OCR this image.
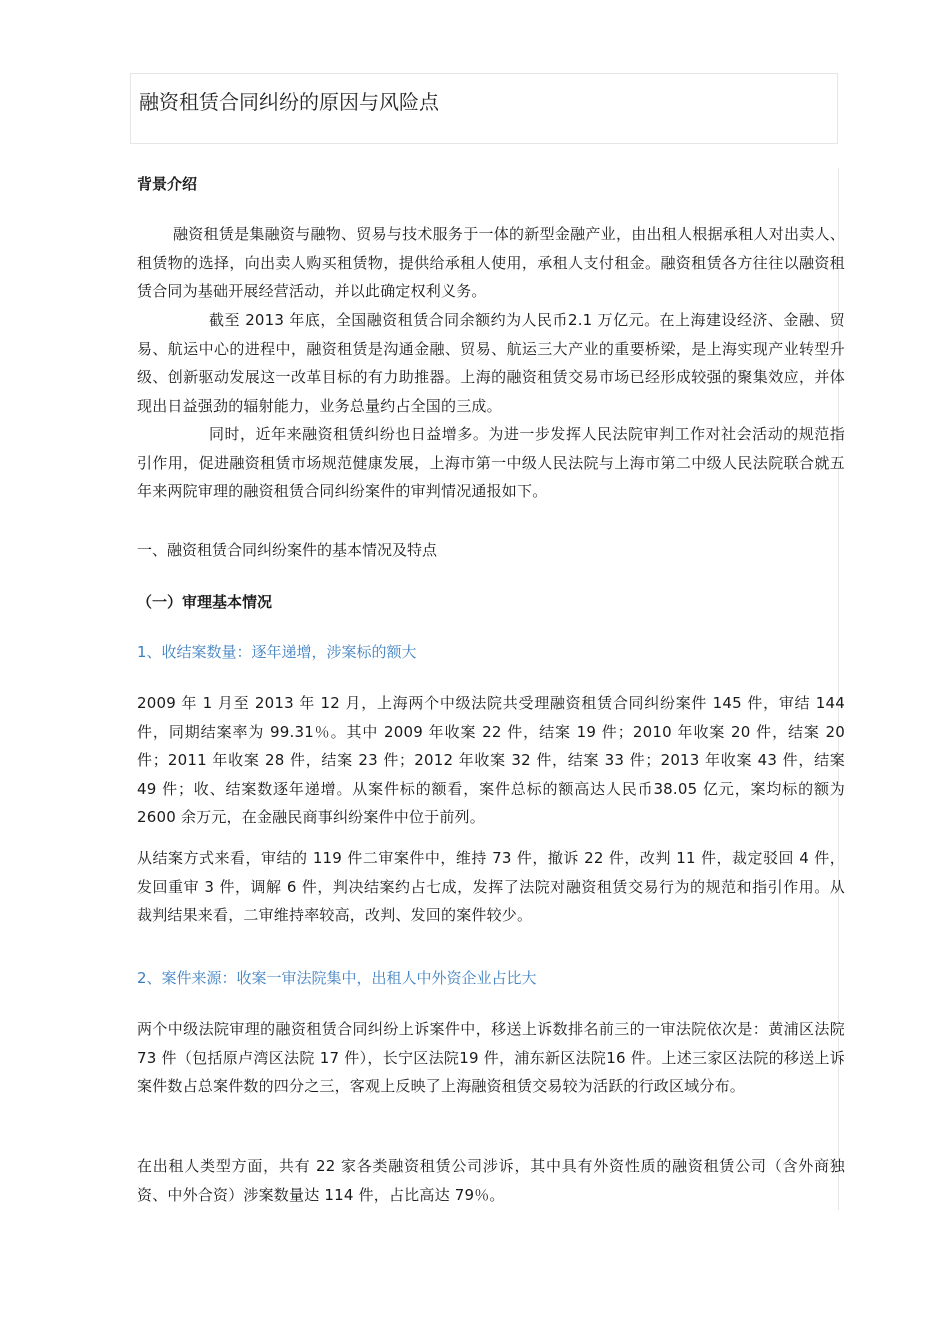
融资租赁合同纠纷的原因与风险点
背景介绍
融资租赁是集融资与融物、贸易与技术服务于一体的新型金融产业，由出租人根据承租人对出卖人、租赁物的选择，向出卖人购买租赁物，提供给承租人使用，承租人支付租金。融资租赁各方往往以融资租赁合同为基础开展经营活动，并以此确定权利义务。
截至 2013 年底，全国融资租赁合同余额约为人民币2.1 万亿元。在上海建设经济、金融、贸易、航运中心的进程中，融资租赁是沟通金融、贸易、航运三大产业的重要桥梁，是上海实现产业转型升级、创新驱动发展这一改革目标的有力助推器。上海的融资租赁交易市场已经形成较强的聚集效应，并体现出日益强劲的辐射能力，业务总量约占全国的三成。
同时，近年来融资租赁纠纷也日益增多。为进一步发挥人民法院审判工作对社会活动的规范指引作用，促进融资租赁市场规范健康发展，上海市第一中级人民法院与上海市第二中级人民法院联合就五年来两院审理的融资租赁合同纠纷案件的审判情况通报如下。
一、融资租赁合同纠纷案件的基本情况及特点
（一）审理基本情况
1、收结案数量：逐年递增，涉案标的额大
2009 年 1 月至 2013 年 12 月，上海两个中级法院共受理融资租赁合同纠纷案件 145 件，审结 144 件，同期结案率为 99.31％。其中 2009 年收案 22 件，结案 19 件；2010 年收案 20 件，结案 20 件；2011 年收案 28 件，结案 23 件；2012 年收案 32 件，结案 33 件；2013 年收案 43 件，结案 49 件；收、结案数逐年递增。从案件标的额看，案件总标的额高达人民币38.05 亿元，案均标的额为 2600 余万元，在金融民商事纠纷案件中位于前列。
从结案方式来看，审结的 119 件二审案件中，维持 73 件，撤诉 22 件，改判 11 件，裁定驳回 4 件，发回重审 3 件，调解 6 件，判决结案约占七成，发挥了法院对融资租赁交易行为的规范和指引作用。从裁判结果来看，二审维持率较高，改判、发回的案件较少。
2、案件来源：收案一审法院集中，出租人中外资企业占比大
两个中级法院审理的融资租赁合同纠纷上诉案件中，移送上诉数排名前三的一审法院依次是：黄浦区法院73 件（包括原卢湾区法院 17 件），长宁区法院19 件，浦东新区法院16 件。上述三家区法院的移送上诉案件数占总案件数的四分之三，客观上反映了上海融资租赁交易较为活跃的行政区域分布。
在出租人类型方面，共有 22 家各类融资租赁公司涉诉，其中具有外资性质的融资租赁公司（含外商独资、中外合资）涉案数量达 114 件，占比高达 79％。
